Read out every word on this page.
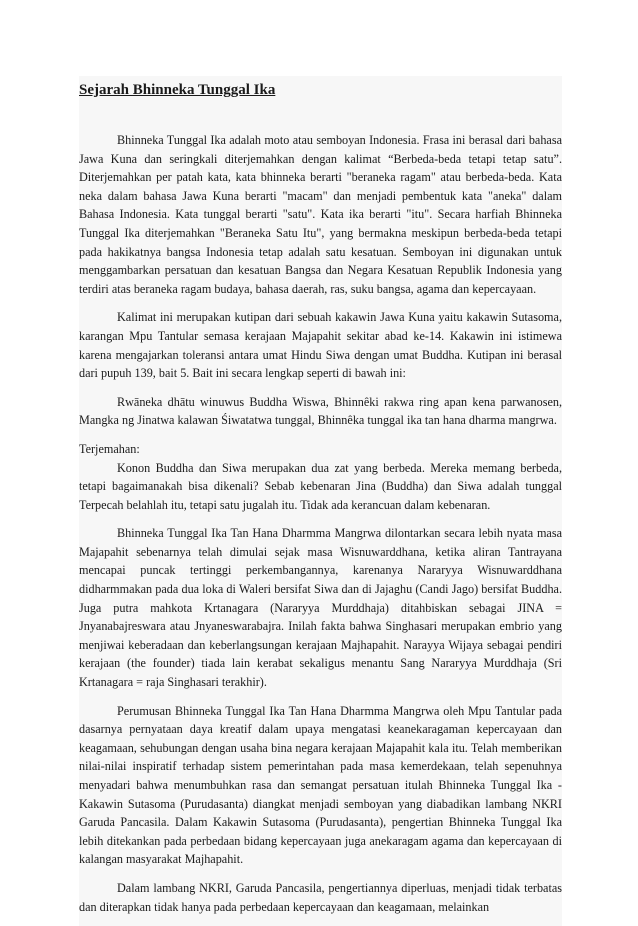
Sejarah Bhinneka Tunggal Ika

Bhinneka Tunggal Ika adalah moto atau semboyan Indonesia. Frasa ini berasal dari bahasa Jawa Kuna dan seringkali diterjemahkan dengan kalimat “Berbeda-beda tetapi tetap satu”. Diterjemahkan per patah kata, kata bhinneka berarti "beraneka ragam" atau berbeda-beda. Kata neka dalam bahasa Jawa Kuna berarti "macam" dan menjadi pembentuk kata "aneka" dalam Bahasa Indonesia. Kata tunggal berarti "satu". Kata ika berarti "itu". Secara harfiah Bhinneka Tunggal Ika diterjemahkan "Beraneka Satu Itu", yang bermakna meskipun berbeda-beda tetapi pada hakikatnya bangsa Indonesia tetap adalah satu kesatuan. Semboyan ini digunakan untuk menggambarkan persatuan dan kesatuan Bangsa dan Negara Kesatuan Republik Indonesia yang terdiri atas beraneka ragam budaya, bahasa daerah, ras, suku bangsa, agama dan kepercayaan.

Kalimat ini merupakan kutipan dari sebuah kakawin Jawa Kuna yaitu kakawin Sutasoma, karangan Mpu Tantular semasa kerajaan Majapahit sekitar abad ke-14. Kakawin ini istimewa karena mengajarkan toleransi antara umat Hindu Siwa dengan umat Buddha. Kutipan ini berasal dari pupuh 139, bait 5. Bait ini secara lengkap seperti di bawah ini:

Rwāneka dhātu winuwus Buddha Wiswa, Bhinnêki rakwa ring apan kena parwanosen, Mangka ng Jinatwa kalawan Śiwatatwa tunggal, Bhinnêka tunggal ika tan hana dharma mangrwa.

Terjemahan:

Konon Buddha dan Siwa merupakan dua zat yang berbeda. Mereka memang berbeda, tetapi bagaimanakah bisa dikenali? Sebab kebenaran Jina (Buddha) dan Siwa adalah tunggal Terpecah belahlah itu, tetapi satu jugalah itu. Tidak ada kerancuan dalam kebenaran.

Bhinneka Tunggal Ika Tan Hana Dharmma Mangrwa dilontarkan secara lebih nyata masa Majapahit sebenarnya telah dimulai sejak masa Wisnuwarddhana, ketika aliran Tantrayana mencapai puncak tertinggi perkembangannya, karenanya Nararyya Wisnuwarddhana didharmmakan pada dua loka di Waleri bersifat Siwa dan di Jajaghu (Candi Jago) bersifat Buddha. Juga putra mahkota Krtanagara (Nararyya Murddhaja) ditahbiskan sebagai JINA = Jnyanabajreswara atau Jnyaneswarabajra. Inilah fakta bahwa Singhasari merupakan embrio yang menjiwai keberadaan dan keberlangsungan kerajaan Majhapahit. Narayya Wijaya sebagai pendiri kerajaan (the founder) tiada lain kerabat sekaligus menantu Sang Nararyya Murddhaja (Sri Krtanagara = raja Singhasari terakhir).

Perumusan Bhinneka Tunggal Ika Tan Hana Dharmma Mangrwa oleh Mpu Tantular pada dasarnya pernyataan daya kreatif dalam upaya mengatasi keanekaragaman kepercayaan dan keagamaan, sehubungan dengan usaha bina negara kerajaan Majapahit kala itu. Telah memberikan nilai-nilai inspiratif terhadap sistem pemerintahan pada masa kemerdekaan, telah sepenuhnya menyadari bahwa menumbuhkan rasa dan semangat persatuan itulah Bhinneka Tunggal Ika - Kakawin Sutasoma (Purudasanta) diangkat menjadi semboyan yang diabadikan lambang NKRI Garuda Pancasila. Dalam Kakawin Sutasoma (Purudasanta), pengertian Bhinneka Tunggal Ika lebih ditekankan pada perbedaan bidang kepercayaan juga anekaragam agama dan kepercayaan di kalangan masyarakat Majhapahit.

Dalam lambang NKRI, Garuda Pancasila, pengertiannya diperluas, menjadi tidak terbatas dan diterapkan tidak hanya pada perbedaan kepercayaan dan keagamaan, melainkan
